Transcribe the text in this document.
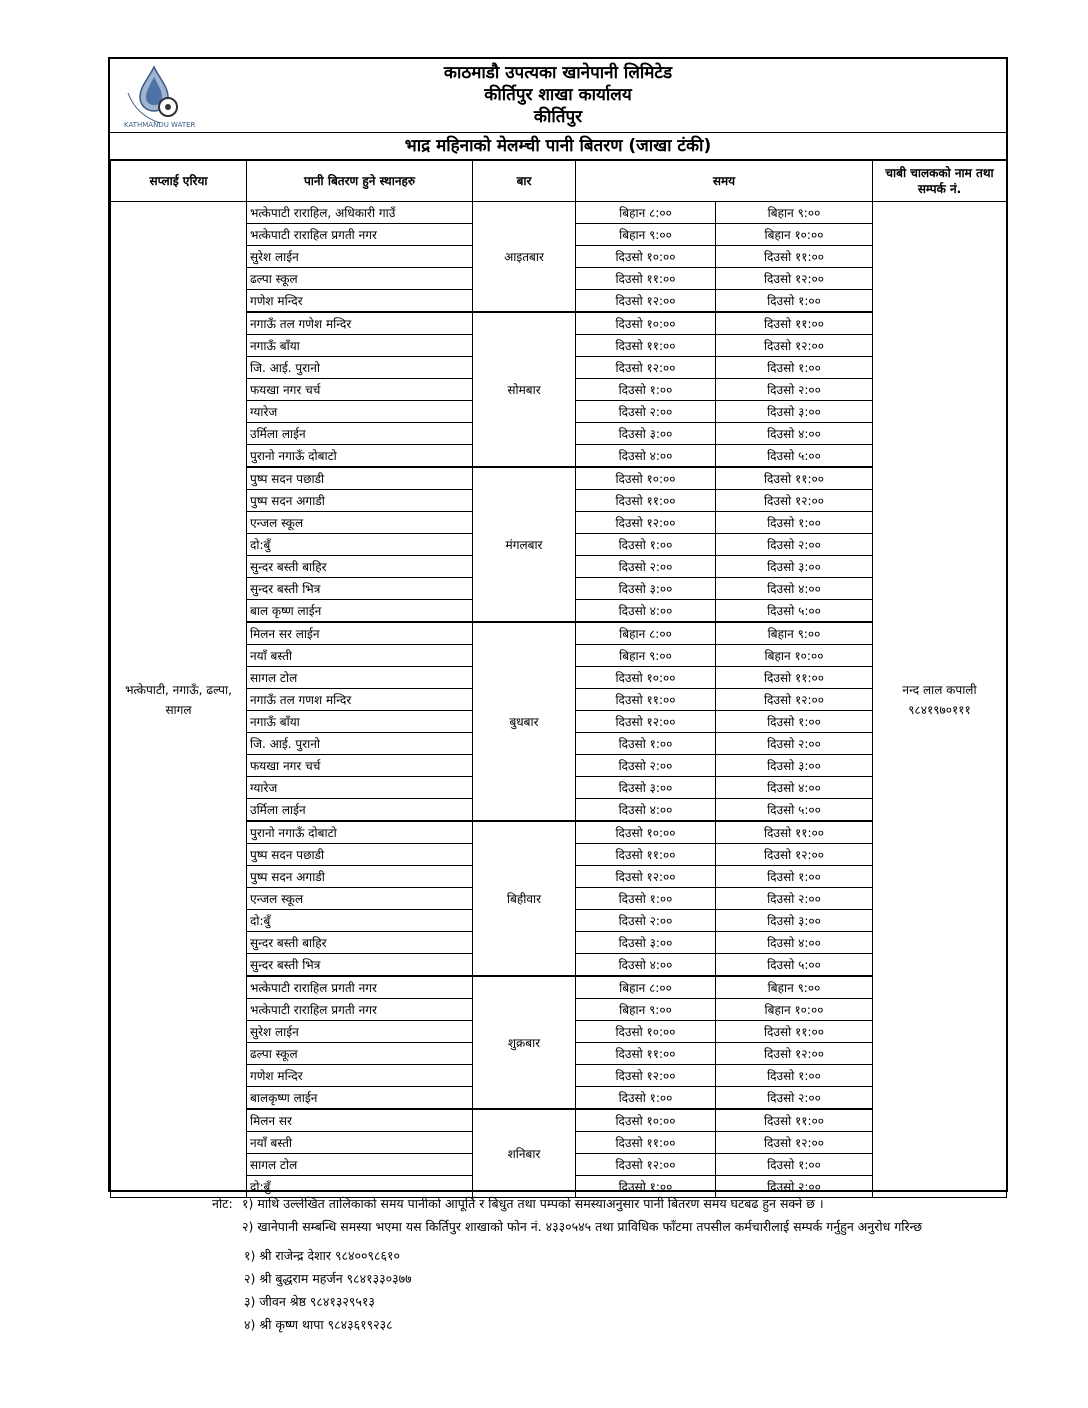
KATHMANDU WATER
काठमाडौ उपत्यका खानेपानी लिमिटेड
कीर्तिपुर शाखा कार्यालय
कीर्तिपुर
भाद्र महिनाको मेलम्ची पानी बितरण (जाखा टंकी)
सप्लाई एरिया	पानी बितरण हुने स्थानहरु	बार	समय		चाबी चालकको नाम तथा सम्पर्क नं.
भत्केपाटी, नगाऊँ, ढल्पा, सागल	भत्केपाटी राराहिल, अधिकारी गाउँ	आइतबार	बिहान ८:००	बिहान ९:००	नन्द लाल कपाली
९८४१९७०१११

	भत्केपाटी राराहिल प्रगती नगर		बिहान ९:००	बिहान १०:००	
	सुरेश लाईन		दिउसो १०:००	दिउसो ११:००	
	ढल्पा स्कूल		दिउसो ११:००	दिउसो १२:००	
	गणेश मन्दिर		दिउसो १२:००	दिउसो १:००	
	नगाऊँ तल गणेश मन्दिर	सोमबार	दिउसो १०:००	दिउसो ११:००	
	नगाऊँ बाँया		दिउसो ११:००	दिउसो १२:००	
	जि. आई. पुरानो		दिउसो १२:००	दिउसो १:००	
	फयखा नगर चर्च		दिउसो १:००	दिउसो २:००	
	ग्यारेज		दिउसो २:००	दिउसो ३:००	
	उर्मिला लाईन		दिउसो ३:००	दिउसो ४:००	
	पुरानो नगाऊँ दोबाटो		दिउसो ४:००	दिउसो ५:००	
	पुष्प सदन पछाडी	मंगलबार	दिउसो १०:००	दिउसो ११:००	
	पुष्प सदन अगाडी		दिउसो ११:००	दिउसो १२:००	
	एन्जल स्कूल		दिउसो १२:००	दिउसो १:००	
	दो:बुँ		दिउसो १:००	दिउसो २:००	
	सुन्दर बस्ती बाहिर		दिउसो २:००	दिउसो ३:००	
	सुन्दर बस्ती भित्र		दिउसो ३:००	दिउसो ४:००	
	बाल कृष्ण लाईन		दिउसो ४:००	दिउसो ५:००	
	मिलन सर लाईन	बुधबार	बिहान ८:००	बिहान ९:००	
	नयाँ बस्ती		बिहान ९:००	बिहान १०:००	
	सागल टोल		दिउसो १०:००	दिउसो ११:००	
	नगाऊँ तल गणश मन्दिर		दिउसो ११:००	दिउसो १२:००	
	नगाऊँ बाँया		दिउसो १२:००	दिउसो १:००	
	जि. आई. पुरानो		दिउसो १:००	दिउसो २:००	
	फयखा नगर चर्च		दिउसो २:००	दिउसो ३:००	
	ग्यारेज		दिउसो ३:००	दिउसो ४:००	
	उर्मिला लाईन		दिउसो ४:००	दिउसो ५:००	
	पुरानो नगाऊँ दोबाटो	बिहीवार	दिउसो १०:००	दिउसो ११:००	
	पुष्प सदन पछाडी		दिउसो ११:००	दिउसो १२:००	
	पुष्प सदन अगाडी		दिउसो १२:००	दिउसो १:००	
	एन्जल स्कूल		दिउसो १:००	दिउसो २:००	
	दो:बुँ		दिउसो २:००	दिउसो ३:००	
	सुन्दर बस्ती बाहिर		दिउसो ३:००	दिउसो ४:००	
	सुन्दर बस्ती भित्र		दिउसो ४:००	दिउसो ५:००	
	भत्केपाटी राराहिल प्रगती नगर	शुक्रबार	बिहान ८:००	बिहान ९:००	
	भत्केपाटी राराहिल प्रगती नगर		बिहान ९:००	बिहान १०:००	
	सुरेश लाईन		दिउसो १०:००	दिउसो ११:००	
	ढल्पा स्कूल		दिउसो ११:००	दिउसो १२:००	
	गणेश मन्दिर		दिउसो १२:००	दिउसो १:००	
	बालकृष्ण लाईन		दिउसो १:००	दिउसो २:००	
	मिलन सर	शनिबार	दिउसो १०:००	दिउसो ११:००	
	नयाँ बस्ती		दिउसो ११:००	दिउसो १२:००	
	सागल टोल		दिउसो १२:००	दिउसो १:००	
	दो:बुँ		दिउसो १:००	दिउसो २:००	
नोट: १) माथि उल्लेखित तालिकाको समय पानीको आपूर्ति र बिधुत तथा पम्पको समस्याअनुसार पानी बितरण समय घटबढ हुन सक्ने छ ।
२) खानेपानी सम्बन्धि समस्या भएमा यस किर्तिपुर शाखाको फोन नं. ४३३०५४५ तथा प्राविधिक फाँटमा तपसील कर्मचारीलाई सम्पर्क गर्नुहुन अनुरोध गरिन्छ
१) श्री राजेन्द्र देशार ९८४००९८६१०
२) श्री बुद्धराम महर्जन ९८४१३३०३७७
३) जीवन श्रेष्ठ ९८४१३२९५१३
४) श्री कृष्ण थापा ९८४३६१९२३८
